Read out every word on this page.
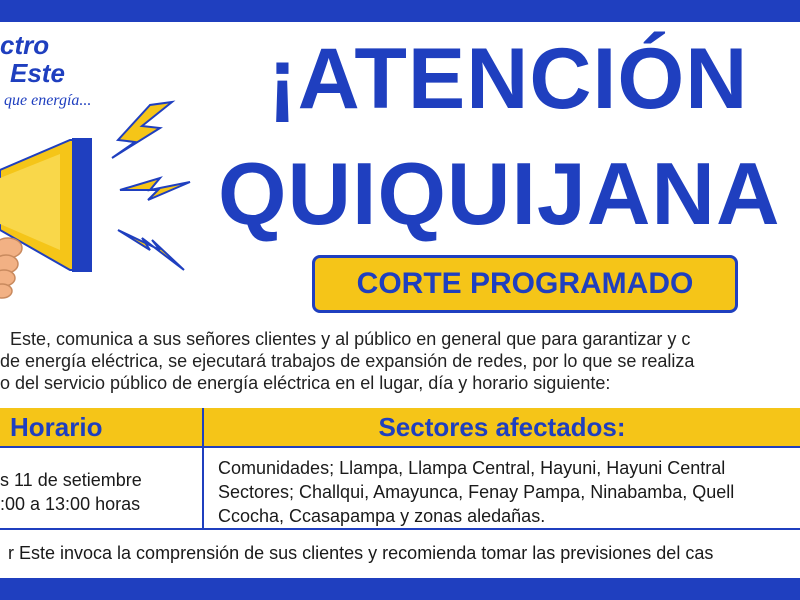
ctro
Este
que energía... ¡ATENCIÓN
QUIQUIJANA
CORTE PROGRAMADO
Este, comunica a sus señores clientes y al público en general que para garantizar y c
de energía eléctrica, se ejecutará trabajos de expansión de redes, por lo que se realiza
o del servicio público de energía eléctrica en el lugar, día y horario siguiente:
Horario	Sectores afectados:
s 11 de setiembre
:00 a 13:00 horas
Comunidades; Llampa, Llampa Central, Hayuni, Hayuni Central
Sectores; Challqui, Amayunca, Fenay Pampa, Ninabamba, Quell
Ccocha, Ccasapampa y zonas aledañas.
r Este invoca la comprensión de sus clientes y recomienda tomar las previsiones del cas
